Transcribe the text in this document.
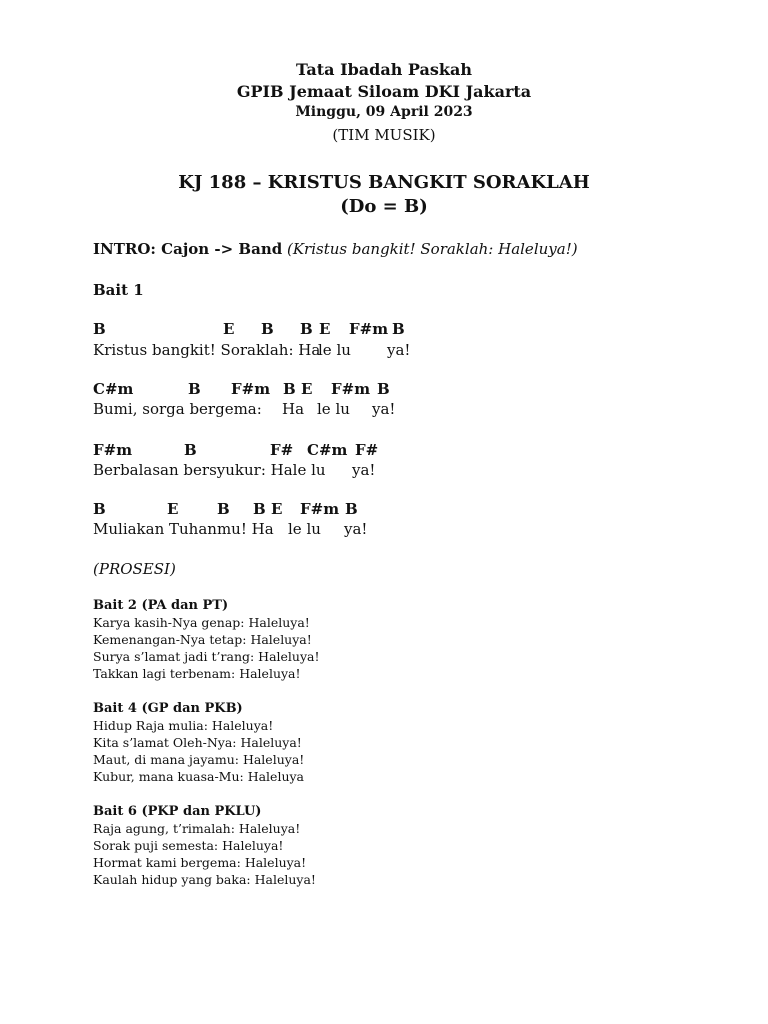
Tata Ibadah Paskah
GPIB Jemaat Siloam DKI Jakarta
Minggu, 09 April 2023
(TIM MUSIK)
KJ 188 – KRISTUS BANGKIT SORAKLAH
(Do = B)
INTRO: Cajon -> Band (Kristus bangkit! Soraklah: Haleluya!)
Bait 1
B	E B B E F#m B
Kristus bangkit! Soraklah: Ha
le lu ya!
C#m	B F#m B E F#m B
Bumi, sorga bergema: Ha le lu ya!
F#m	B	F# C#m F#
Berbalasan bersyukur: Hale lu ya!
B	E	B B E F#m B
Muliakan Tuhanmu! Ha le lu ya!
(PROSESI)
Bait 2 (PA dan PT)
Karya kasih-Nya genap: Haleluya!
Kemenangan-Nya tetap: Haleluya!
Surya s’lamat jadi t’rang: Haleluya!
Takkan lagi terbenam: Haleluya!
Bait 4 (GP dan PKB)
Hidup Raja mulia: Haleluya!
Kita s’lamat Oleh-Nya: Haleluya!
Maut, di mana jayamu: Haleluya!
Kubur, mana kuasa-Mu: Haleluya
Bait 6 (PKP dan PKLU)
Raja agung, t’rimalah: Haleluya!
Sorak puji semesta: Haleluya!
Hormat kami bergema: Haleluya!
Kaulah hidup yang baka: Haleluya!
